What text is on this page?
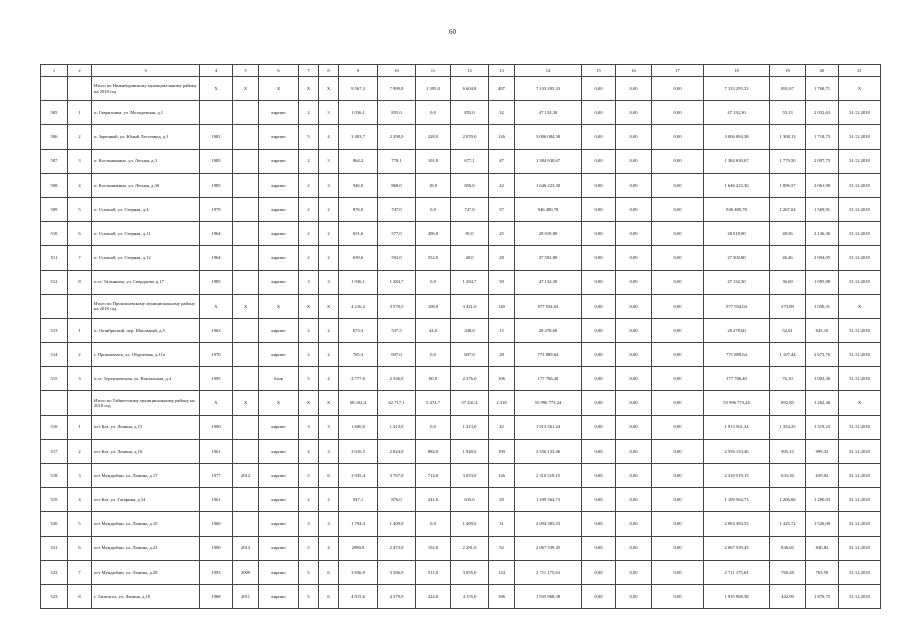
60
1	2	3	4	5	6	7	8	9	10	11	12	13	14	15	16	17	18	19	20	21
		Итого по Нижнеудинскому муниципальному району на 2018 год	X	X	X	X	X	9 567,3	7 999,8	1 395,0	6 604,8	407	7 133 295,33	0,00	0,00	0,00	7 133 295,33	891,67	1 768,71	X
505	1	п. Гавриловка, ул. Молодежная, д.1			кирпич	2	3	1 036,1	855,0	0,0	855,0	32	47 132,30	0,00	0,00	0,00	47 132,30	55,13	2 052,63	31.12.2018
506	2	п. Заречный, ул. Юный Лесозавод, д.1	1982		кирпич	5	4	3 403,7	2 298,0	228,0	2 070,0	126	3 006 084,38	0,00	0,00	0,00	3 006 084,38	1 308,13	1 718,73	31.12.2018
507	3	п. Костиншкино, ул. Лесная, д.3	1985		кирпич	2	3	864,2	778,1	101,0	677,1	47	1 384 630,67	0,00	0,00	0,00	1 384 630,67	1 779,50	2 097,75	31.12.2018
508	4	п. Костиншкино, ул. Лесная, д.3б	1985		кирпич	2	3	946,0	868,0	18,0	850,0	42	1 646 223,30	0,00	0,00	0,00	1 646 223,30	1 896,57	2 061,98	31.12.2018
509	5	п. Степной, ул. Стерная, д.4	1979		кирпич	2	2	876,0	747,0	0,0	747,0	57	946 480,78	0,00	0,00	0,00	946 480,78	1 267,04	1 569,91	31.12.2018
510	6	п. Степной, ул. Стерная, д.11	1964		кирпич	2	2	651,6	577,0	496,0	81,0	25	28 018,80	0,00	0,00	0,00	28 018,80	48,56	2 136,36	31.12.2018
511	7	п. Степной, ул. Стерная, д.12	1964		кирпич	2	2	639,6	592,0	552,0	40,0	28	27 502,80	0,00	0,00	0,00	27 502,80	46,46	2 094,05	31.12.2018
512	8	п.ст. Тальяниха, ул. Свердлова, д.17	1985		кирпич	3	3	1 036,1	1 284,7	0,0	1 284,7	50	47 132,30	0,00	0,00	0,00	47 132,30	36,69	1 095,88	31.12.2018
		Итого по Прокопьевскому муниципальному району на 2018 год	X	X	X	X	X	4 216,2	3 579,5	108,0	3 421,0	149	977 934,04	0,00	0,00	0,00	977 934,04	273,89	1 050,31	X
513	1	п. Октябрьский, пер. Школьный, д.5	1963		кирпич	2	2	673,3	537,5	44,0	448,0	15	28 278,60	0,00	0,00	0,00	28 278,60	52,61	645,10	31.12.2018
514	2	г. Прокопьевск, ул. Обручевая, д.11а	1970		кирпич	2	2	765,3	697,0	0,0	697,0	28	771 889,64	0,00	0,00	0,00	771 889,64	1 107,44	2 673,76	31.12.2018
515	3	п.ст. Терентьевская, ул. Вокзальная, д.4	1995		блок	5	4	2 777,6	2 336,0	60,0	2 276,0	106	177 766,40	0,00	0,00	0,00	177 766,40	76,10	1 093,36	31.12.2018
		Итого по Тайшетскому муниципальному району на 2018 год	X	X	X	X	X	68 102,4	62 717,1	5 474,7	57 241,4	2 318	55 996 773,24	0,00	0,00	0,00	55 996 773,24	892,85	1 262,46	X
516	1	пгт Каз, ул. Ленина, д.15	1990		кирпич	3	3	1 600,0	1 413,0	0,0	1 413,0	42	1 913 561,24	0,00	0,00	0,00	1 913 561,24	1 354,25	1 519,23	31.12.2018
517	2	пгт Каз, ул. Ленина, д.16	1961		кирпич	4	3	3 016,5	2 824,0	884,0	1 940,0	109	2 556 133,46	0,00	0,00	0,00	2 556 133,46	905,15	999,32	31.12.2018
518	3	пгт Мундыбаш, ул. Ленина, д.17	1977	2012	кирпич	5	6	3 935,4	3 767,0	714,0	3 053,0	126	2 310 519,15	0,00	0,00	0,00	2 310 519,15	633,36	639,92	31.12.2018
519	4	пгт Каз, ул. Гагарина, д.14	1961		кирпич	2	2	947,1	876,0	241,0	635,0	29	1 109 564,73	0,00	0,00	0,00	1 109 564,73	1 266,66	1 280,03	31.12.2018
520	5	пгт Мундыбаш, ул. Ленина, д.15	1960		кирпич	3	3	1 794,4	1 409,0	0,0	1 409,0	31	2 094 383,53	0,00	0,00	0,00	2 094 383,53	1 425,72	1 526,00	31.12.2018
521	6	пгт Мундыбаш, ул. Ленина, д.23	1990	2013	кирпич	5	4	2980,8	2 473,0	192,0	2 281,0	52	2 067 539,45	0,00	0,00	0,00	2 067 539,45	836,05	840,82	31.12.2018
522	7	пгт Мундыбаш, ул. Ленина, д.29	1993	2009	кирпич	5	6	3 836,9	3 566,0	511,0	3 055,0	134	2 711 175,63	0,00	0,00	0,00	2 711 175,63	760,28	763,59	31.12.2018
523	8	г. Таштагол, ул. Ленина, д.19	1968	2011	кирпич	5	6	4 015,6	4 379,0	224,0	4 155,0	186	1 935 968,38	0,00	0,00	0,00	1 935 968,38	442,09	1 870,75	31.12.2018
